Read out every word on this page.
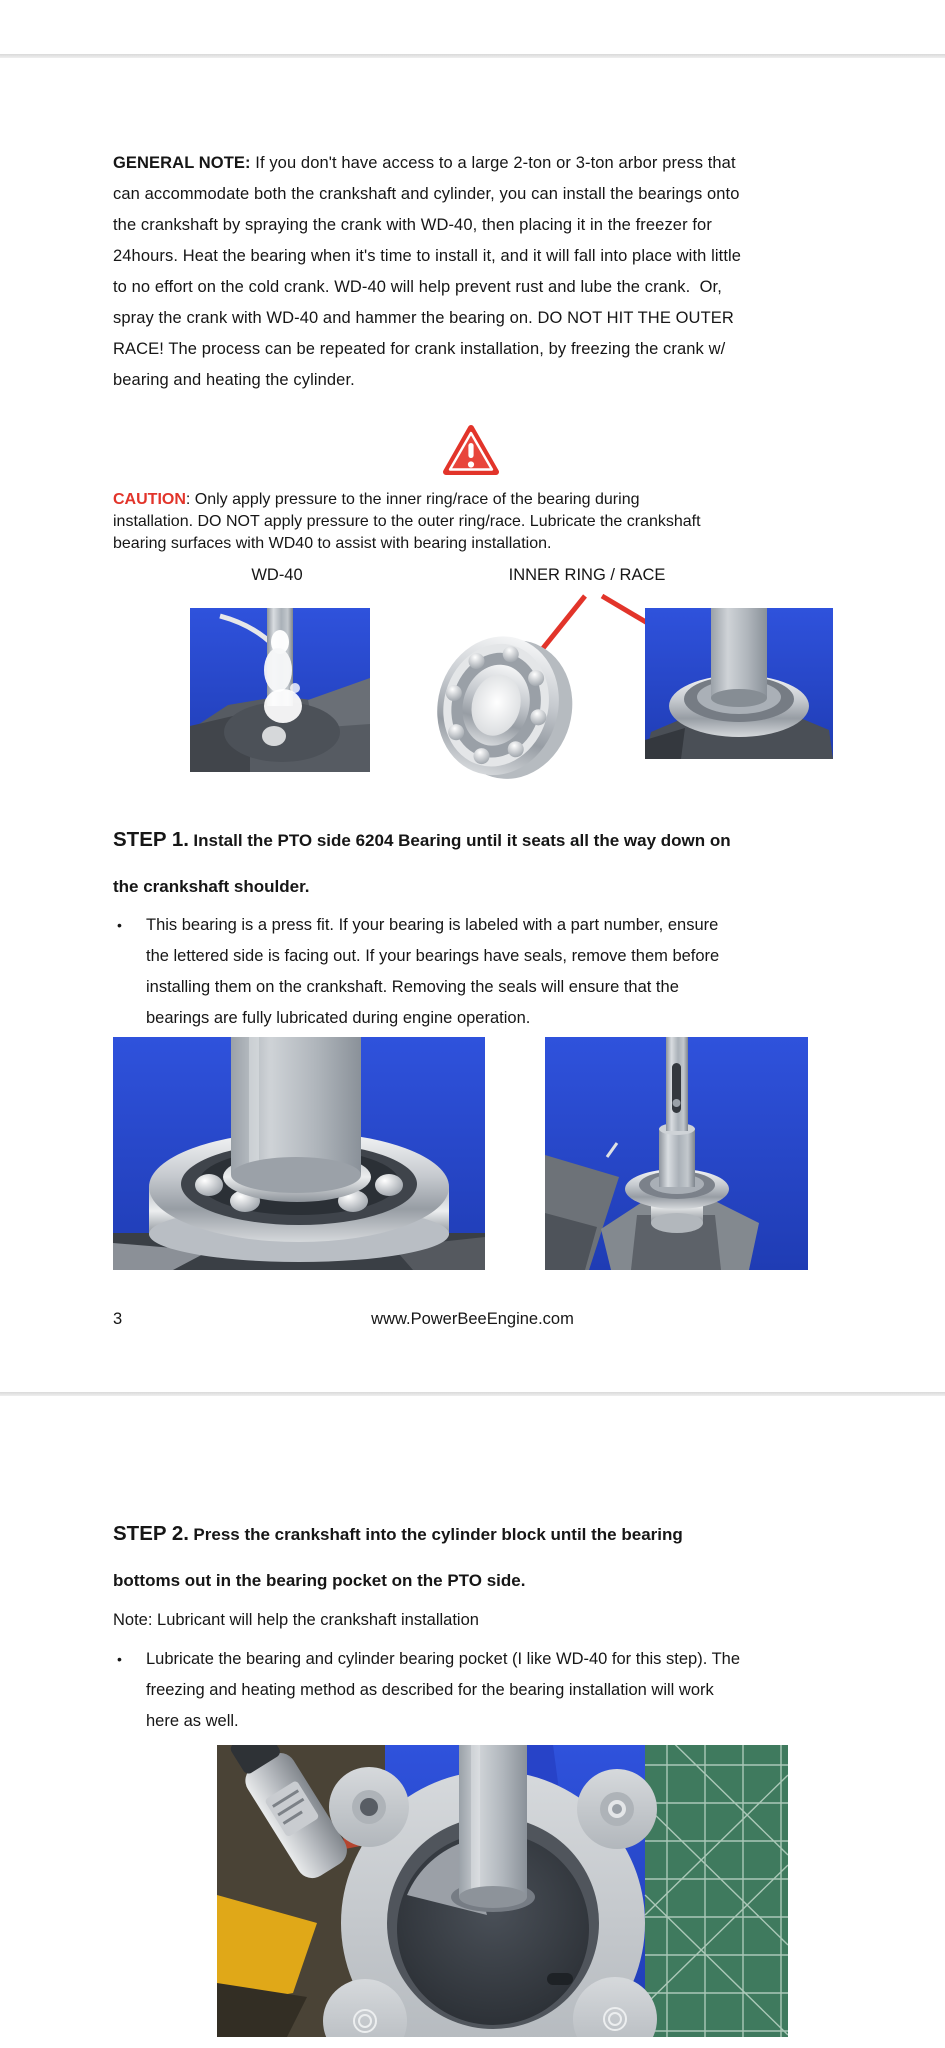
GENERAL NOTE: If you don't have access to a large 2-ton or 3-ton arbor press that
can accommodate both the crankshaft and cylinder, you can install the bearings onto
the crankshaft by spraying the crank with WD-40, then placing it in the freezer for
24hours. Heat the bearing when it's time to install it, and it will fall into place with little
to no effort on the cold crank. WD-40 will help prevent rust and lube the crank.  Or,
spray the crank with WD-40 and hammer the bearing on. DO NOT HIT THE OUTER
RACE! The process can be repeated for crank installation, by freezing the crank w/
bearing and heating the cylinder.

CAUTION: Only apply pressure to the inner ring/race of the bearing during
installation. DO NOT apply pressure to the outer ring/race. Lubricate the crankshaft
bearing surfaces with WD40 to assist with bearing installation.

WD-40	INNER RING / RACE

STEP 1. Install the PTO side 6204 Bearing until it seats all the way down on
the crankshaft shoulder.

•	This bearing is a press fit. If your bearing is labeled with a part number, ensure
the lettered side is facing out. If your bearings have seals, remove them before
installing them on the crankshaft. Removing the seals will ensure that the
bearings are fully lubricated during engine operation.
3	www.PowerBeeEngine.com

STEP 2. Press the crankshaft into the cylinder block until the bearing
bottoms out in the bearing pocket on the PTO side.

Note: Lubricant will help the crankshaft installation
•	Lubricate the bearing and cylinder bearing pocket (I like WD-40 for this step). The
freezing and heating method as described for the bearing installation will work
here as well.
